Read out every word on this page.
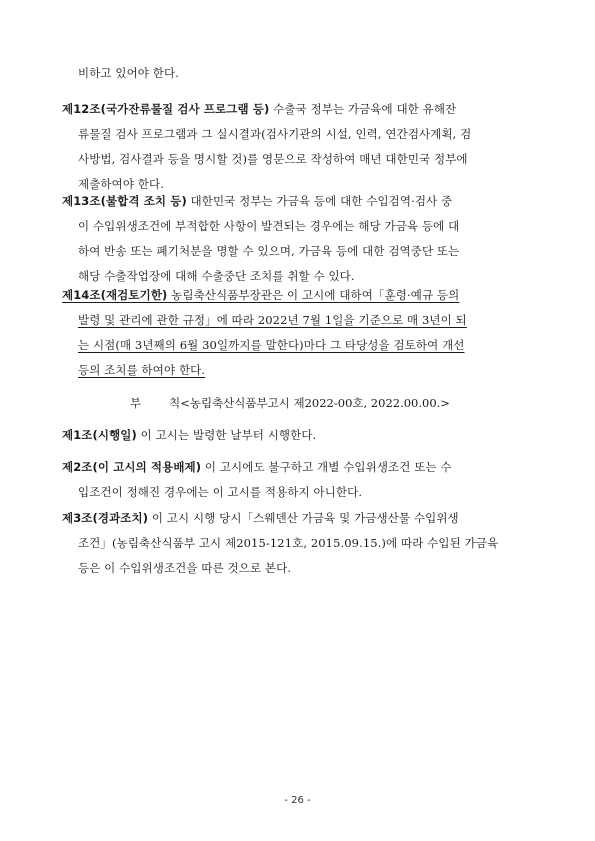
비하고 있어야 한다.
제12조(국가잔류물질 검사 프로그램 등) 수출국 정부는 가금육에 대한 유해잔
류물질 검사 프로그램과 그 실시결과(검사기관의 시설, 인력, 연간검사계획, 검
사방법, 검사결과 등을 명시할 것)를 영문으로 작성하여 매년 대한민국 정부에
제출하여야 한다.
제13조(불합격 조치 등) 대한민국 정부는 가금육 등에 대한 수입검역·검사 중
이 수입위생조건에 부적합한 사항이 발견되는 경우에는 해당 가금육 등에 대
하여 반송 또는 폐기처분을 명할 수 있으며, 가금육 등에 대한 검역중단 또는
해당 수출작업장에 대해 수출중단 조치를 취할 수 있다.
제14조(재검토기한) 농림축산식품부장관은 이 고시에 대하여「훈령·예규 등의
발령 및 관리에 관한 규정」에 따라 2022년 7월 1일을 기준으로 매 3년이 되
는 시점(매 3년째의 6월 30일까지를 말한다)마다 그 타당성을 검토하여 개선
등의 조치를 하여야 한다.
부 칙<농림축산식품부고시 제2022-00호, 2022.00.00.>
제1조(시행일) 이 고시는 발령한 날부터 시행한다.
제2조(이 고시의 적용배제) 이 고시에도 불구하고 개별 수입위생조건 또는 수
입조건이 정해진 경우에는 이 고시를 적용하지 아니한다.
제3조(경과조치) 이 고시 시행 당시「스웨덴산 가금육 및 가금생산물 수입위생
조건」(농림축산식품부 고시 제2015-121호, 2015.09.15.)에 따라 수입된 가금육
등은 이 수입위생조건을 따른 것으로 본다.
- 26 -
